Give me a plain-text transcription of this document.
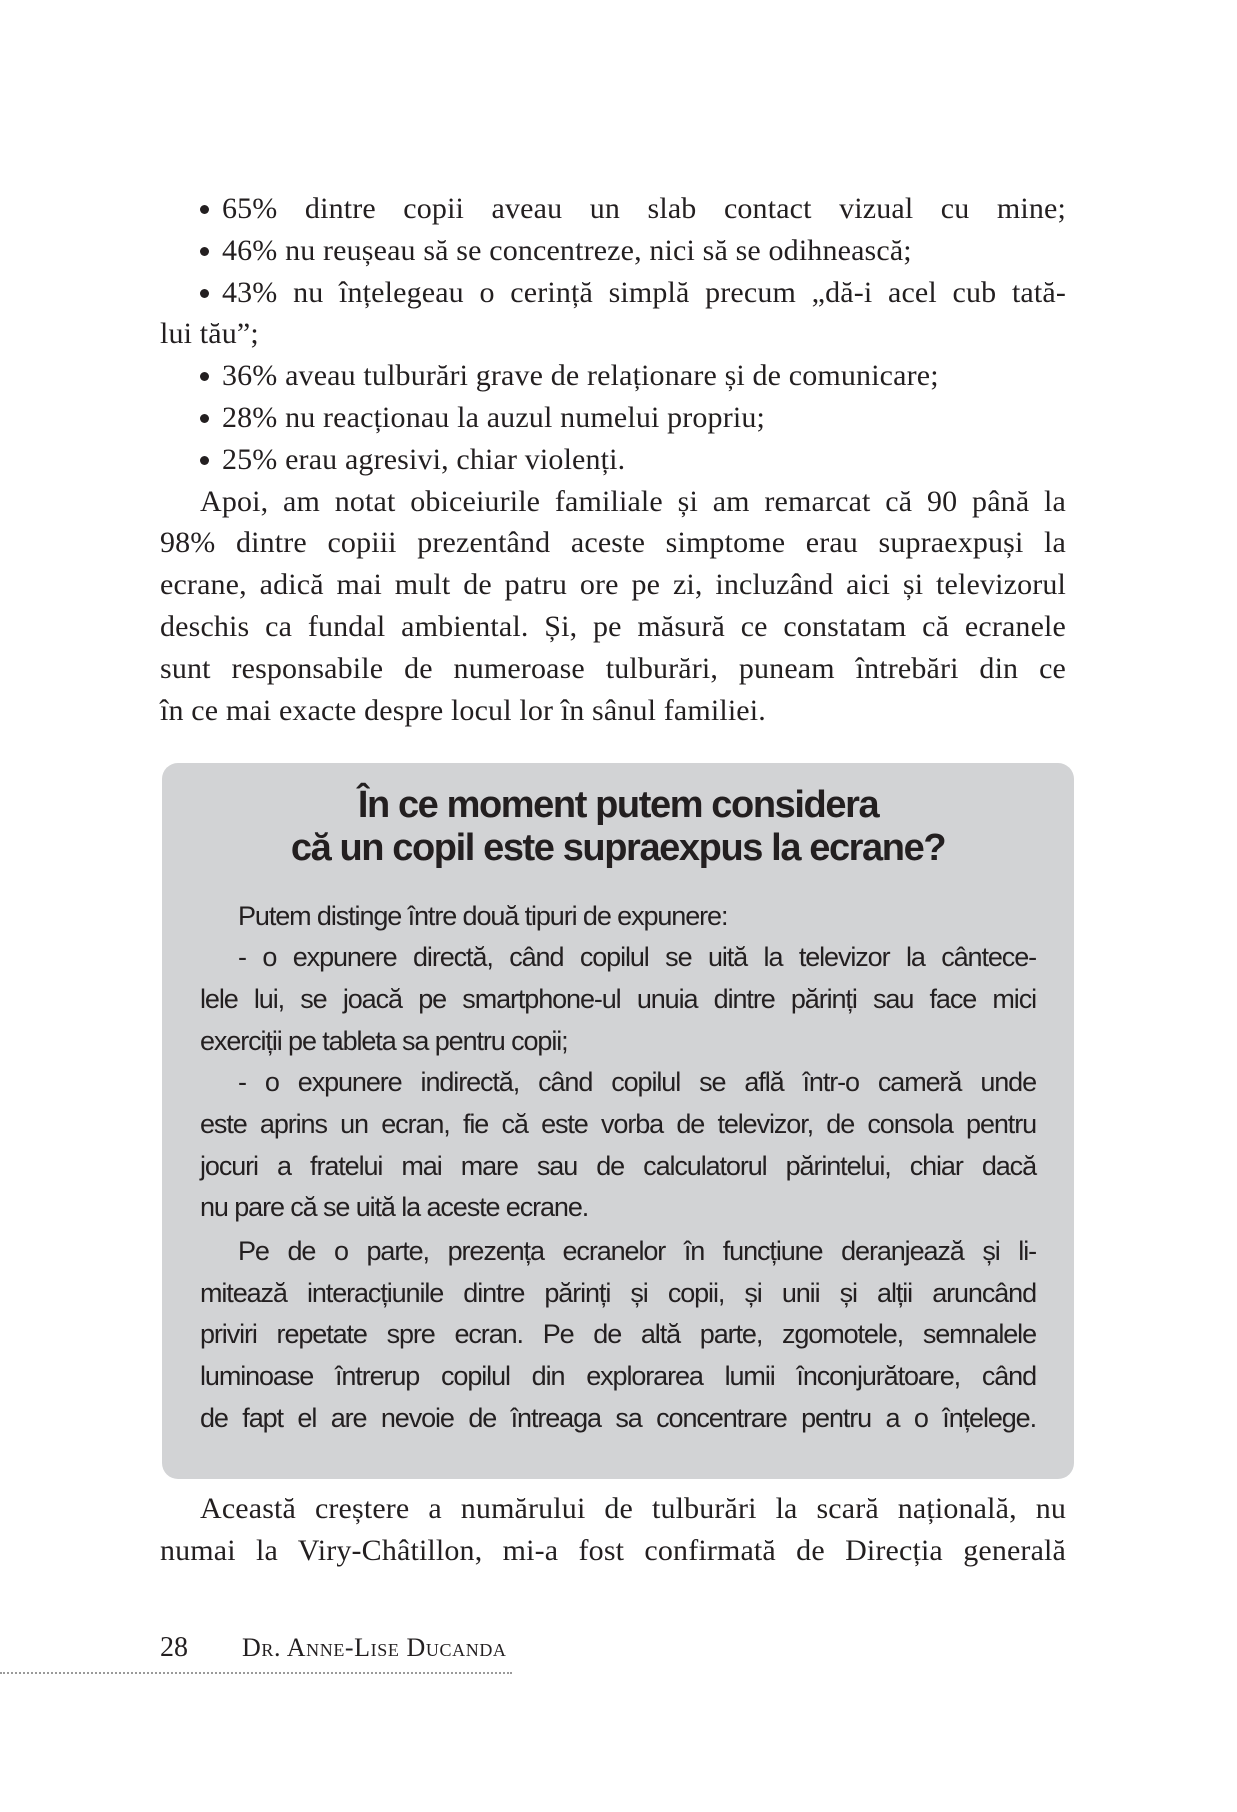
65% dintre copii aveau un slab contact vizual cu mine;
46% nu reușeau să se concentreze, nici să se odihnească;
43% nu înțelegeau o cerință simplă precum „dă-i acel cub tată-
lui tău”;
36% aveau tulburări grave de relaționare și de comunicare;
28% nu reacționau la auzul numelui propriu;
25% erau agresivi, chiar violenți.
Apoi, am notat obiceiurile familiale și am remarcat că 90 până la
98% dintre copiii prezentând aceste simptome erau supraexpuși la
ecrane, adică mai mult de patru ore pe zi, incluzând aici și televizorul
deschis ca fundal ambiental. Și, pe măsură ce constatam că ecranele
sunt responsabile de numeroase tulburări, puneam întrebări din ce
în ce mai exacte despre locul lor în sânul familiei.
În ce moment putem considera
că un copil este supraexpus la ecrane?
Putem distinge între două tipuri de expunere:
- o expunere directă, când copilul se uită la televizor la cântece-
lele lui, se joacă pe smartphone-ul unuia dintre părinți sau face mici
exerciții pe tableta sa pentru copii;
- o expunere indirectă, când copilul se află într-o cameră unde
este aprins un ecran, fie că este vorba de televizor, de consola pentru
jocuri a fratelui mai mare sau de calculatorul părintelui, chiar dacă
nu pare că se uită la aceste ecrane.
Pe de o parte, prezența ecranelor în funcțiune deranjează și li-
mitează interacțiunile dintre părinți și copii, și unii și alții aruncând
priviri repetate spre ecran. Pe de altă parte, zgomotele, semnalele
luminoase întrerup copilul din explorarea lumii înconjurătoare, când
de fapt el are nevoie de întreaga sa concentrare pentru a o înțelege.
Această creștere a numărului de tulburări la scară națională, nu
numai la Viry-Châtillon, mi-a fost confirmată de Direcția generală
28 Dr. Anne-Lise Ducanda
